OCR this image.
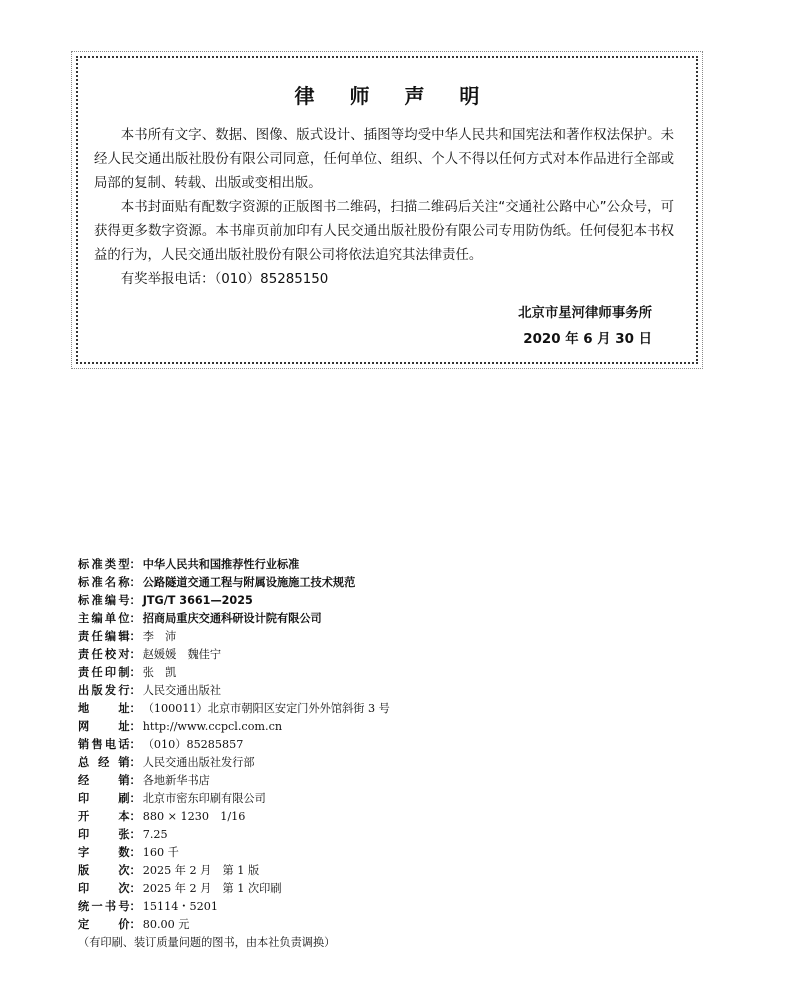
律 师 声 明

本书所有文字、数据、图像、版式设计、插图等均受中华人民共和国宪法和著作权法保护。未经人民交通出版社股份有限公司同意，任何单位、组织、个人不得以任何方式对本作品进行全部或局部的复制、转载、出版或变相出版。

本书封面贴有配数字资源的正版图书二维码，扫描二维码后关注“交通社公路中心”公众号，可获得更多数字资源。本书扉页前加印有人民交通出版社股份有限公司专用防伪纸。任何侵犯本书权益的行为，人民交通出版社股份有限公司将依法追究其法律责任。

有奖举报电话：（010）85285150

北京市星河律师事务所
2020 年 6 月 30 日
标 准 类 型 ： 中华人民共和国推荐性行业标准
标 准 名 称 ： 公路隧道交通工程与附属设施施工技术规范
标 准 编 号 ： JTG/T 3661—2025
主 编 单 位 ： 招商局重庆交通科研设计院有限公司
责 任 编 辑 ： 李　沛
责 任 校 对 ： 赵媛媛　魏佳宁
责 任 印 制 ： 张　凯
出 版 发 行 ： 人民交通出版社
地	址 ： （100011）北京市朝阳区安定门外外馆斜街 3 号
网	址 ： http://www.ccpcl.com.cn
销 售 电 话 ： （010）85285857
总 经 销 ： 人民交通出版社发行部
经	销 ： 各地新华书店
印	刷 ： 北京市密东印刷有限公司
开	本 ： 880 × 1230　1/16
印	张 ： 7.25
字	数 ： 160 千
版	次 ： 2025 年 2 月　第 1 版
印	次 ： 2025 年 2 月　第 1 次印刷
统 一 书 号 ： 15114・5201
定	价 ： 80.00 元
（有印刷、装订质量问题的图书，由本社负责调换）
